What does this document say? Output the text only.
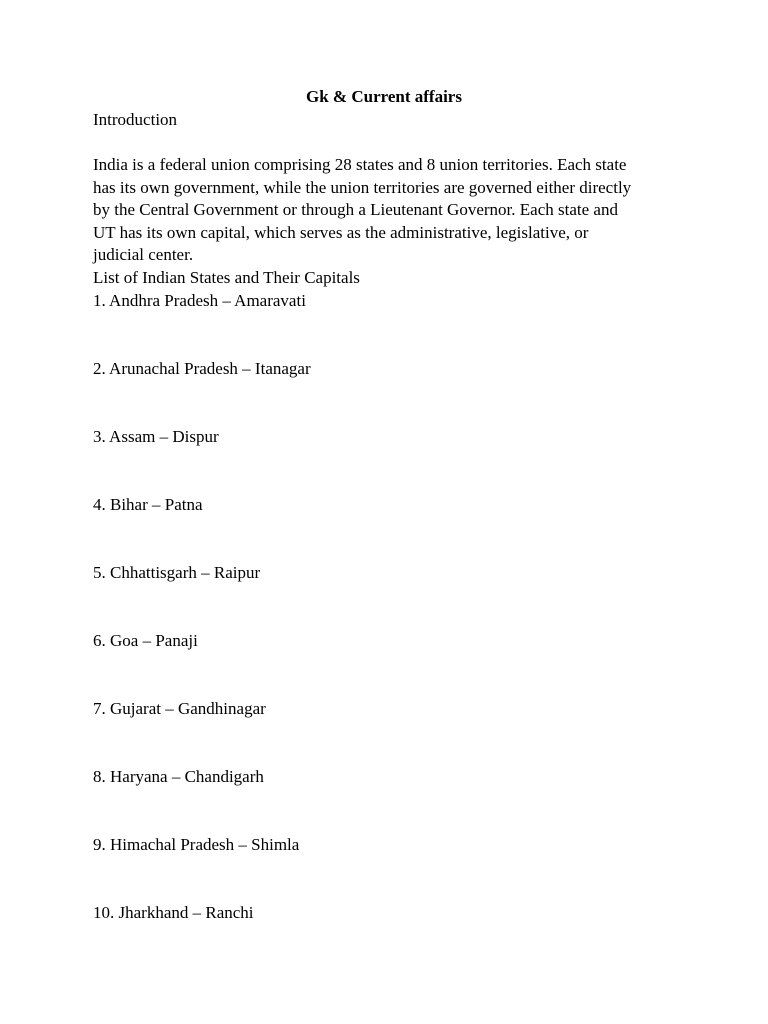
Gk & Current affairs
Introduction
India is a federal union comprising 28 states and 8 union territories. Each state
has its own government, while the union territories are governed either directly
by the Central Government or through a Lieutenant Governor. Each state and
UT has its own capital, which serves as the administrative, legislative, or
judicial center.
List of Indian States and Their Capitals
1. Andhra Pradesh – Amaravati
2. Arunachal Pradesh – Itanagar
3. Assam – Dispur
4. Bihar – Patna
5. Chhattisgarh – Raipur
6. Goa – Panaji
7. Gujarat – Gandhinagar
8. Haryana – Chandigarh
9. Himachal Pradesh – Shimla
10. Jharkhand – Ranchi
